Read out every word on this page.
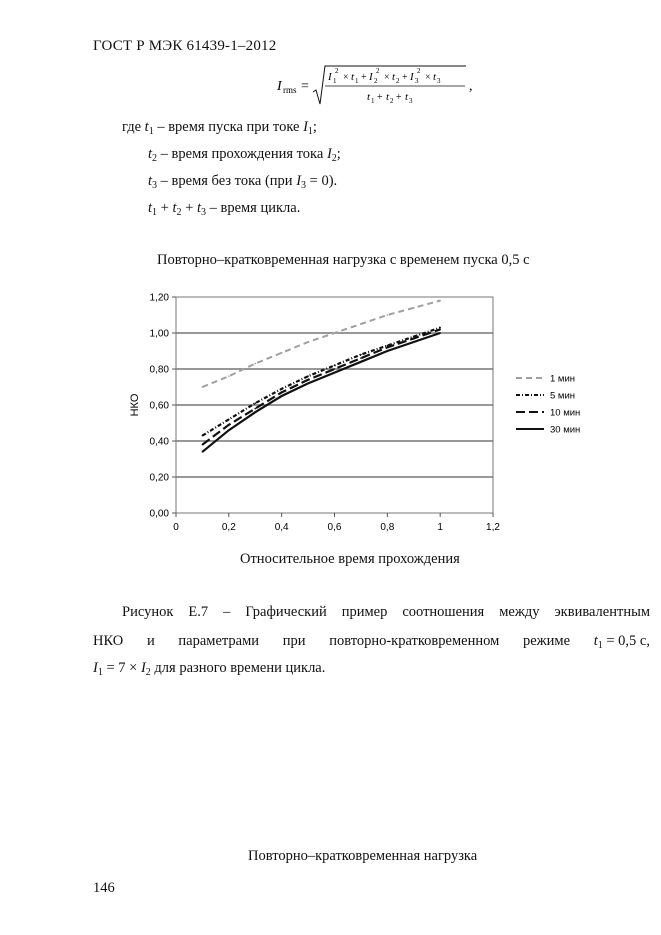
ГОСТ Р МЭК 61439-1–2012
I rms =
I 1
2
× t 1 + I 2
2
× t 2 + I 3
2
× t 3
t 1 + t 2 + t 3
,
где $t_1$ – время пуска при токе $I_1$;
$t_2$ – время прохождения тока $I_2$;
$t_3$ – время без тока (при $I_3 = 0$).
$t_1 + t_2 + t_3$ – время цикла.
Повторно–кратковременная нагрузка с временем пуска 0,5 с
0,00
0,20
0,40
0,60
0,80
1,00
1,20
0	0,2	0,4	0,6	0,8	1	1,2
1 мин
5 мин
10 мин
30 мин
НКО
Относительное время прохождения
Рисунок Е.7 – Графический пример соотношения между эквивалентным
НКО и параметрами при повторно-кратковременном режиме $t_1 = 0,5$ с,
$I_1 = 7 \times I_2$ для разного времени цикла.
Повторно–кратковременная нагрузка
146
